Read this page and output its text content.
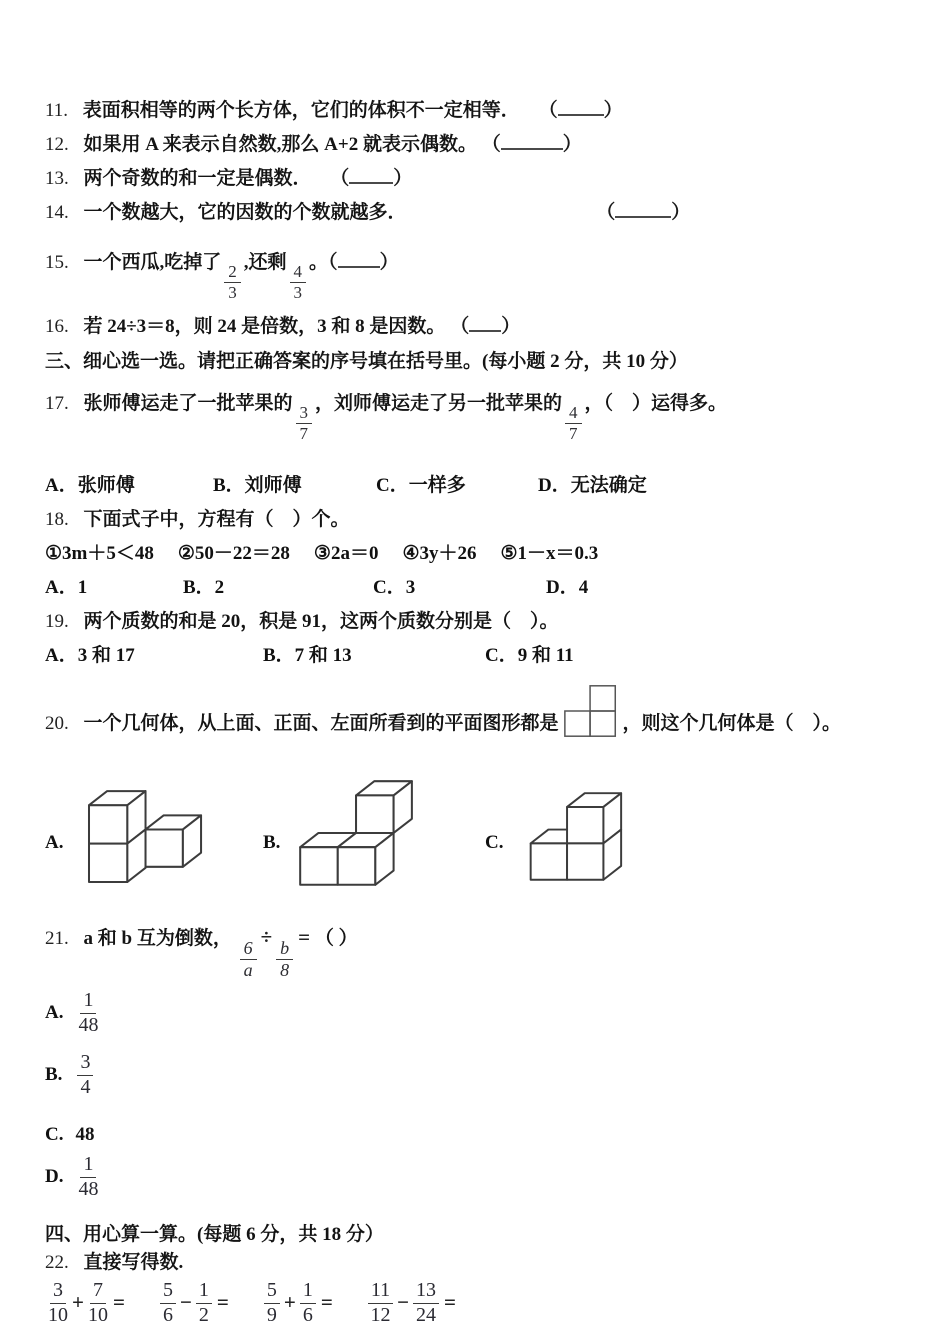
11. 表面积相等的两个长方体，它们的体积不一定相等． （ ）
12. 如果用 A 来表示自然数,那么 A+2 就表示偶数。 （	）
13. 两个奇数的和一定是偶数． （ ）
14. 一个数越大，它的因数的个数就越多．	（	）
15. 一个西瓜,吃掉了
$\frac{2}{3}$
,还剩
$\frac{4}{3}$
。（ ）
16. 若 24÷3＝8，则 24 是倍数，3 和 8 是因数。 （ ）
三、细心选一选。请把正确答案的序号填在括号里。(每小题 2 分，共 10 分）
17. 张师傅运走了一批苹果的
$\frac{3}{7}$
，刘师傅运走了另一批苹果的
$\frac{4}{7}$
，（　）运得多。
A．张师傅	B．刘师傅	C．一样多	D．无法确定
18. 下面式子中，方程有（　）个。
①3m＋5＜48 ②50－22＝28 ③2a＝0 ④3y＋26 ⑤1－x＝0.3
A．1	B．2	C．3	D．4
19. 两个质数的和是 20，积是 91，这两个质数分别是（　）。
A．3 和 17	B．7 和 13	C．9 和 11
20. 一个几何体，从上面、正面、左面所看到的平面图形都是	，则这个几何体是（　）。
A.	B.	C.
21. a 和 b 互为倒数，
$\frac{6}{a}$
÷
$\frac{b}{8}$
= （ ）
A. $\frac{1}{48}$
B. $\frac{3}{4}$
C. 48
D. $\frac{1}{48}$
四、用心算一算。(每题 6 分，共 18 分）
22. 直接写得数.
$\frac{3}{10} + \frac{7}{10} = \frac{5}{6} - \frac{1}{2} = \frac{5}{9} + \frac{1}{6} = \frac{11}{12} - \frac{13}{24}$ =
